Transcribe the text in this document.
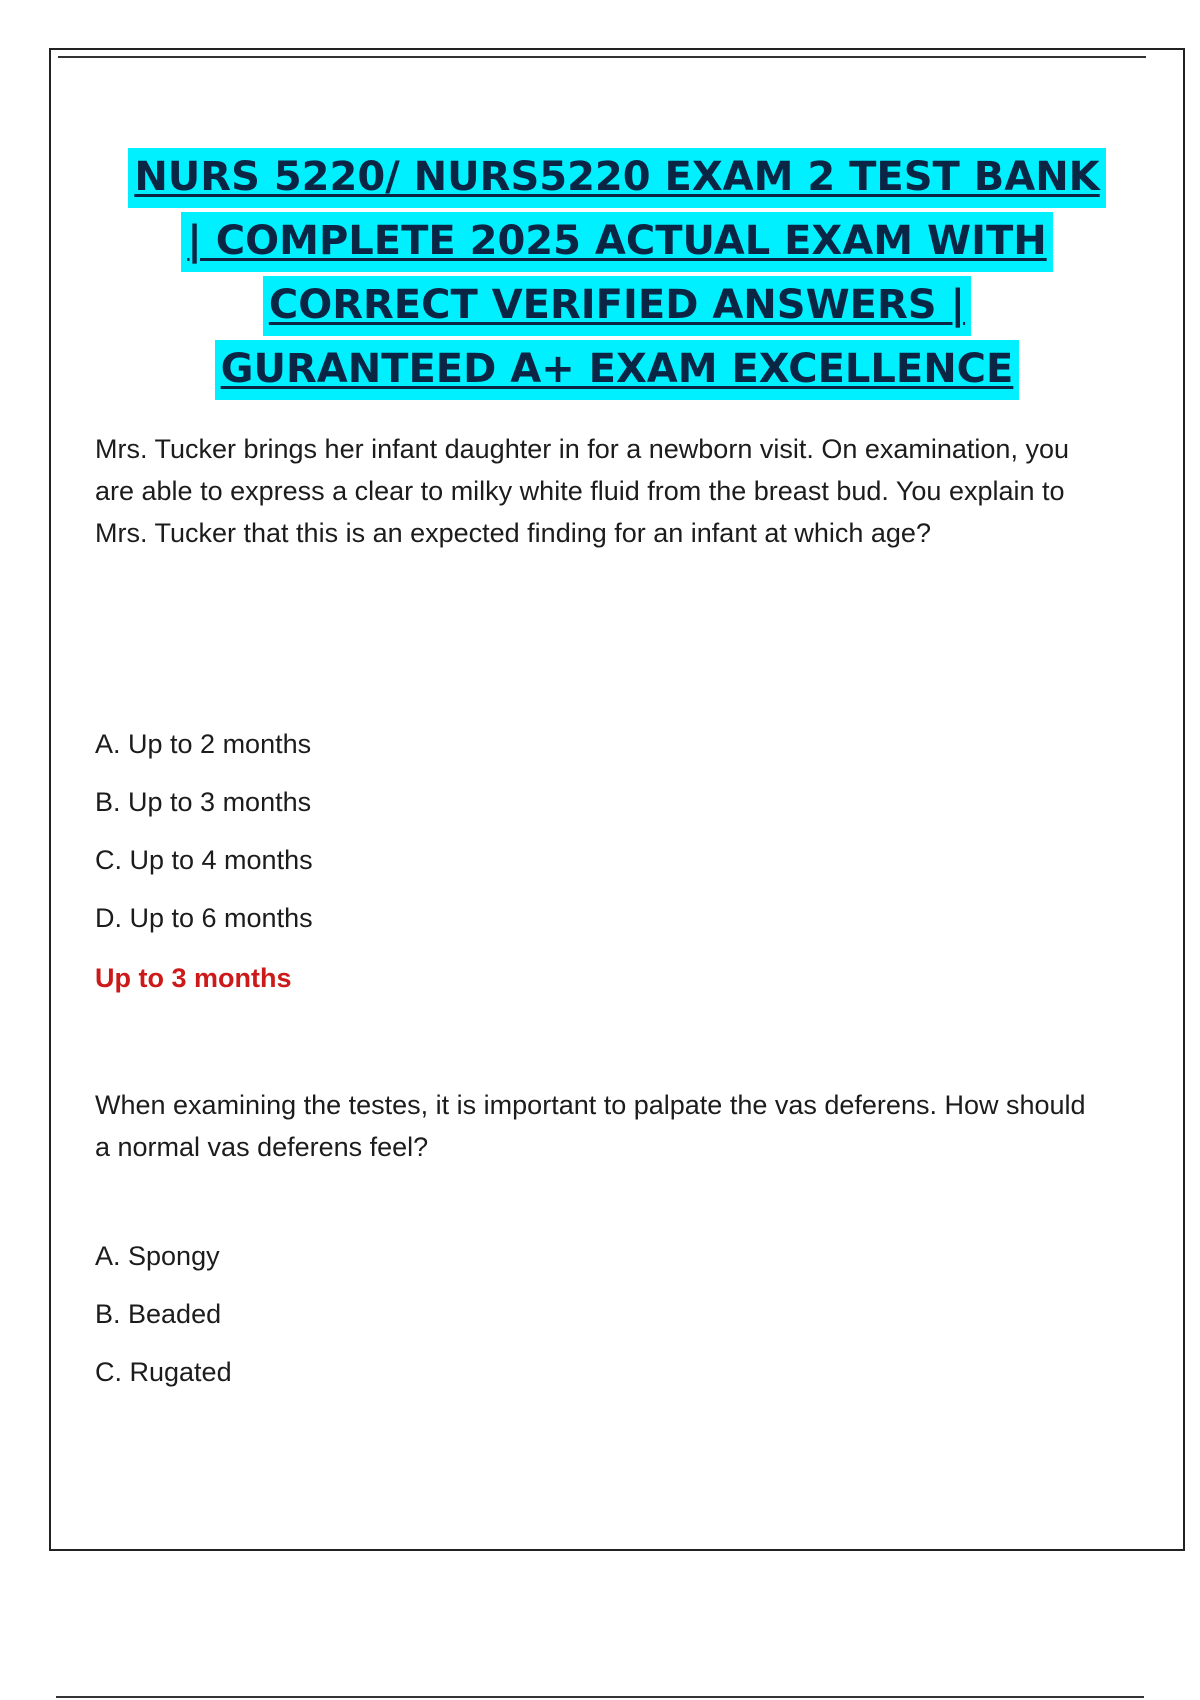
NURS 5220/ NURS5220 EXAM 2 TEST BANK
| COMPLETE 2025 ACTUAL EXAM WITH
CORRECT VERIFIED ANSWERS |
GURANTEED A+ EXAM EXCELLENCE
Mrs. Tucker brings her infant daughter in for a newborn visit. On examination, you are able to express a clear to milky white fluid from the breast bud. You explain to Mrs. Tucker that this is an expected finding for an infant at which age?
A. Up to 2 months
B. Up to 3 months
C. Up to 4 months
D. Up to 6 months
Up to 3 months
When examining the testes, it is important to palpate the vas deferens. How should a normal vas deferens feel?
A. Spongy
B. Beaded
C. Rugated
